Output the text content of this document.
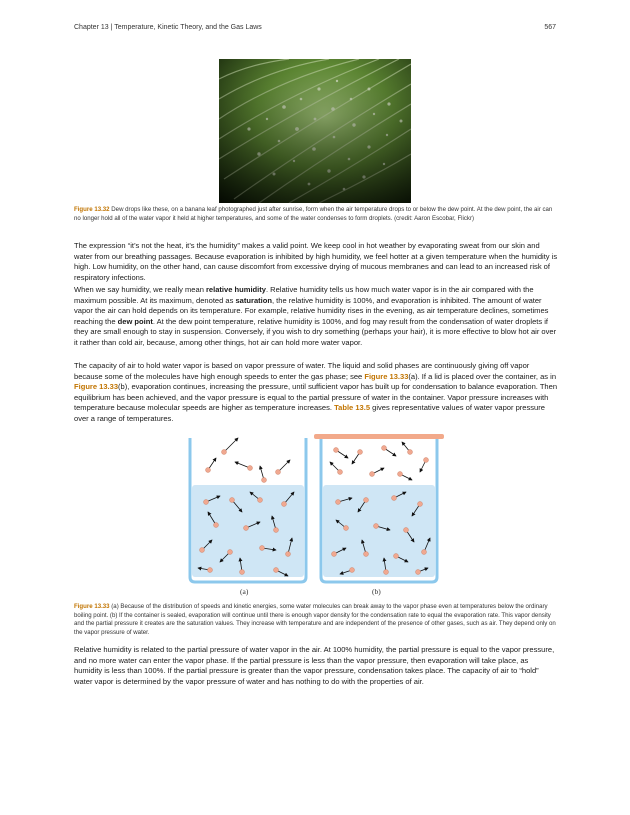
Chapter 13 | Temperature, Kinetic Theory, and the Gas Laws	567
Figure 13.32 Dew drops like these, on a banana leaf photographed just after sunrise, form when the air temperature drops to or below the dew point. At the dew point, the air can no longer hold all of the water vapor it held at higher temperatures, and some of the water condenses to form droplets. (credit: Aaron Escobar, Flickr)

The expression “it’s not the heat, it’s the humidity” makes a valid point. We keep cool in hot weather by evaporating sweat from our skin and water from our breathing passages. Because evaporation is inhibited by high humidity, we feel hotter at a given temperature when the humidity is high. Low humidity, on the other hand, can cause discomfort from excessive drying of mucous membranes and can lead to an increased risk of respiratory infections.

When we say humidity, we really mean relative humidity. Relative humidity tells us how much water vapor is in the air compared with the maximum possible. At its maximum, denoted as saturation, the relative humidity is 100%, and evaporation is inhibited. The amount of water vapor the air can hold depends on its temperature. For example, relative humidity rises in the evening, as air temperature declines, sometimes reaching the dew point. At the dew point temperature, relative humidity is 100%, and fog may result from the condensation of water droplets if they are small enough to stay in suspension. Conversely, if you wish to dry something (perhaps your hair), it is more effective to blow hot air over it rather than cold air, because, among other things, hot air can hold more water vapor.

The capacity of air to hold water vapor is based on vapor pressure of water. The liquid and solid phases are continuously giving off vapor because some of the molecules have high enough speeds to enter the gas phase; see Figure 13.33(a). If a lid is placed over the container, as in Figure 13.33(b), evaporation continues, increasing the pressure, until sufficient vapor has built up for condensation to balance evaporation. Then equilibrium has been achieved, and the vapor pressure is equal to the partial pressure of water in the container. Vapor pressure increases with temperature because molecular speeds are higher as temperature increases. Table 13.5 gives representative values of water vapor pressure over a range of temperatures.

(a)	(b)
Figure 13.33 (a) Because of the distribution of speeds and kinetic energies, some water molecules can break away to the vapor phase even at temperatures below the ordinary boiling point. (b) If the container is sealed, evaporation will continue until there is enough vapor density for the condensation rate to equal the evaporation rate. This vapor density and the partial pressure it creates are the saturation values. They increase with temperature and are independent of the presence of other gases, such as air. They depend only on the vapor pressure of water.

Relative humidity is related to the partial pressure of water vapor in the air. At 100% humidity, the partial pressure is equal to the vapor pressure, and no more water can enter the vapor phase. If the partial pressure is less than the vapor pressure, then evaporation will take place, as humidity is less than 100%. If the partial pressure is greater than the vapor pressure, condensation takes place. The capacity of air to “hold” water vapor is determined by the vapor pressure of water and has nothing to do with the properties of air.
